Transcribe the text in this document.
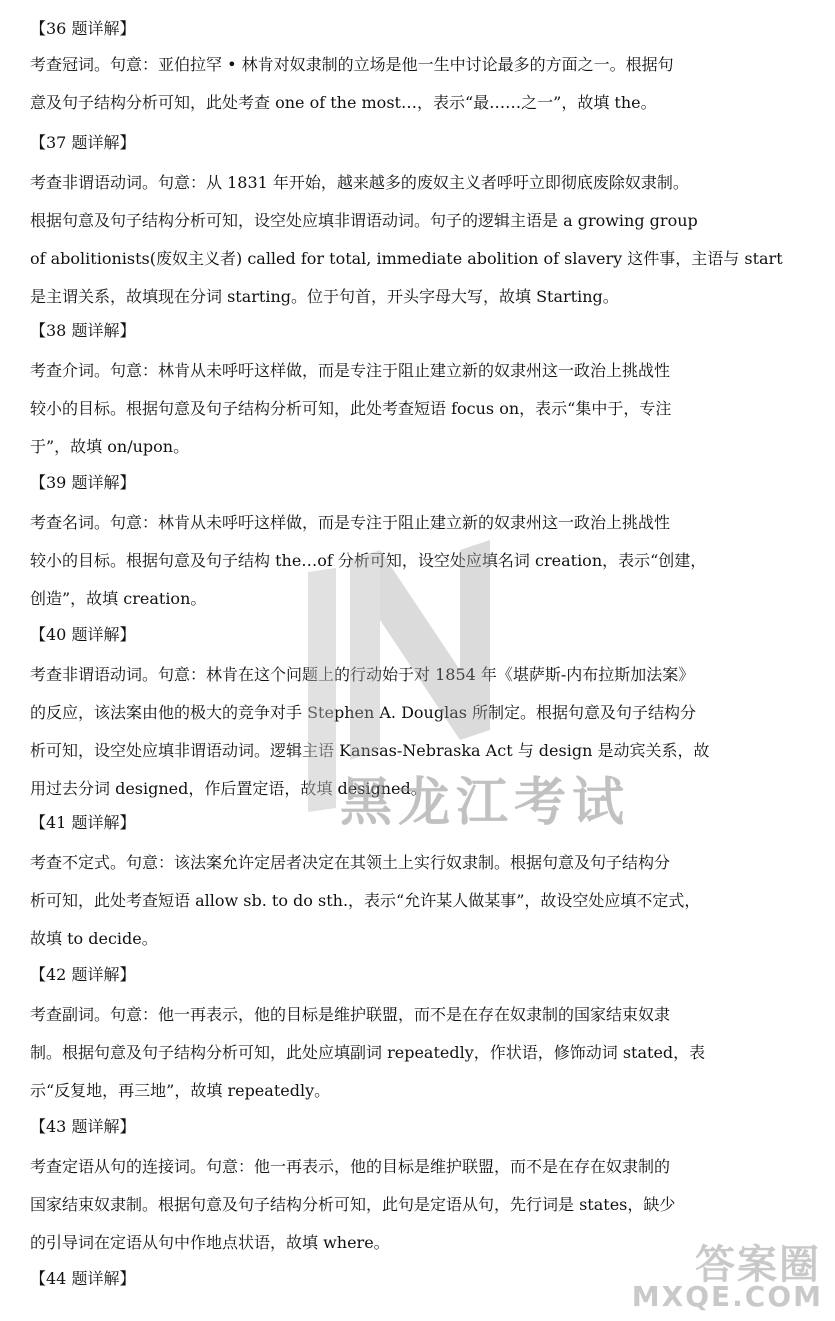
【36 题详解】
考查冠词。句意：亚伯拉罕 • 林肯对奴隶制的立场是他一生中讨论最多的方面之一。根据句
意及句子结构分析可知，此处考查 one of the most…，表示“最……之一”，故填 the。
【37 题详解】
考查非谓语动词。句意：从 1831 年开始，越来越多的废奴主义者呼吁立即彻底废除奴隶制。
根据句意及句子结构分析可知，设空处应填非谓语动词。句子的逻辑主语是 a growing group
of abolitionists(废奴主义者) called for total, immediate abolition of slavery 这件事，主语与 start
是主谓关系，故填现在分词 starting。位于句首，开头字母大写，故填 Starting。
【38 题详解】
考查介词。句意：林肯从未呼吁这样做，而是专注于阻止建立新的奴隶州这一政治上挑战性
较小的目标。根据句意及句子结构分析可知，此处考查短语 focus on，表示“集中于，专注
于”，故填 on/upon。
【39 题详解】
考查名词。句意：林肯从未呼吁这样做，而是专注于阻止建立新的奴隶州这一政治上挑战性
较小的目标。根据句意及句子结构 the…of 分析可知，设空处应填名词 creation，表示“创建，
创造”，故填 creation。
【40 题详解】
考查非谓语动词。句意：林肯在这个问题上的行动始于对 1854 年《堪萨斯-内布拉斯加法案》
的反应，该法案由他的极大的竞争对手 Stephen A. Douglas 所制定。根据句意及句子结构分
析可知，设空处应填非谓语动词。逻辑主语 Kansas-Nebraska Act 与 design 是动宾关系，故
用过去分词 designed，作后置定语，故填 designed。
【41 题详解】
考查不定式。句意：该法案允许定居者决定在其领土上实行奴隶制。根据句意及句子结构分
析可知，此处考查短语 allow sb. to do sth.，表示“允许某人做某事”，故设空处应填不定式，
故填 to decide。
【42 题详解】
考查副词。句意：他一再表示，他的目标是维护联盟，而不是在存在奴隶制的国家结束奴隶
制。根据句意及句子结构分析可知，此处应填副词 repeatedly，作状语，修饰动词 stated，表
示“反复地，再三地”，故填 repeatedly。
【43 题详解】
考查定语从句的连接词。句意：他一再表示，他的目标是维护联盟，而不是在存在奴隶制的
国家结束奴隶制。根据句意及句子结构分析可知，此句是定语从句，先行词是 states，缺少
的引导词在定语从句中作地点状语，故填 where。
【44 题详解】
黑龙江考试
答案圈
MXQE.COM
